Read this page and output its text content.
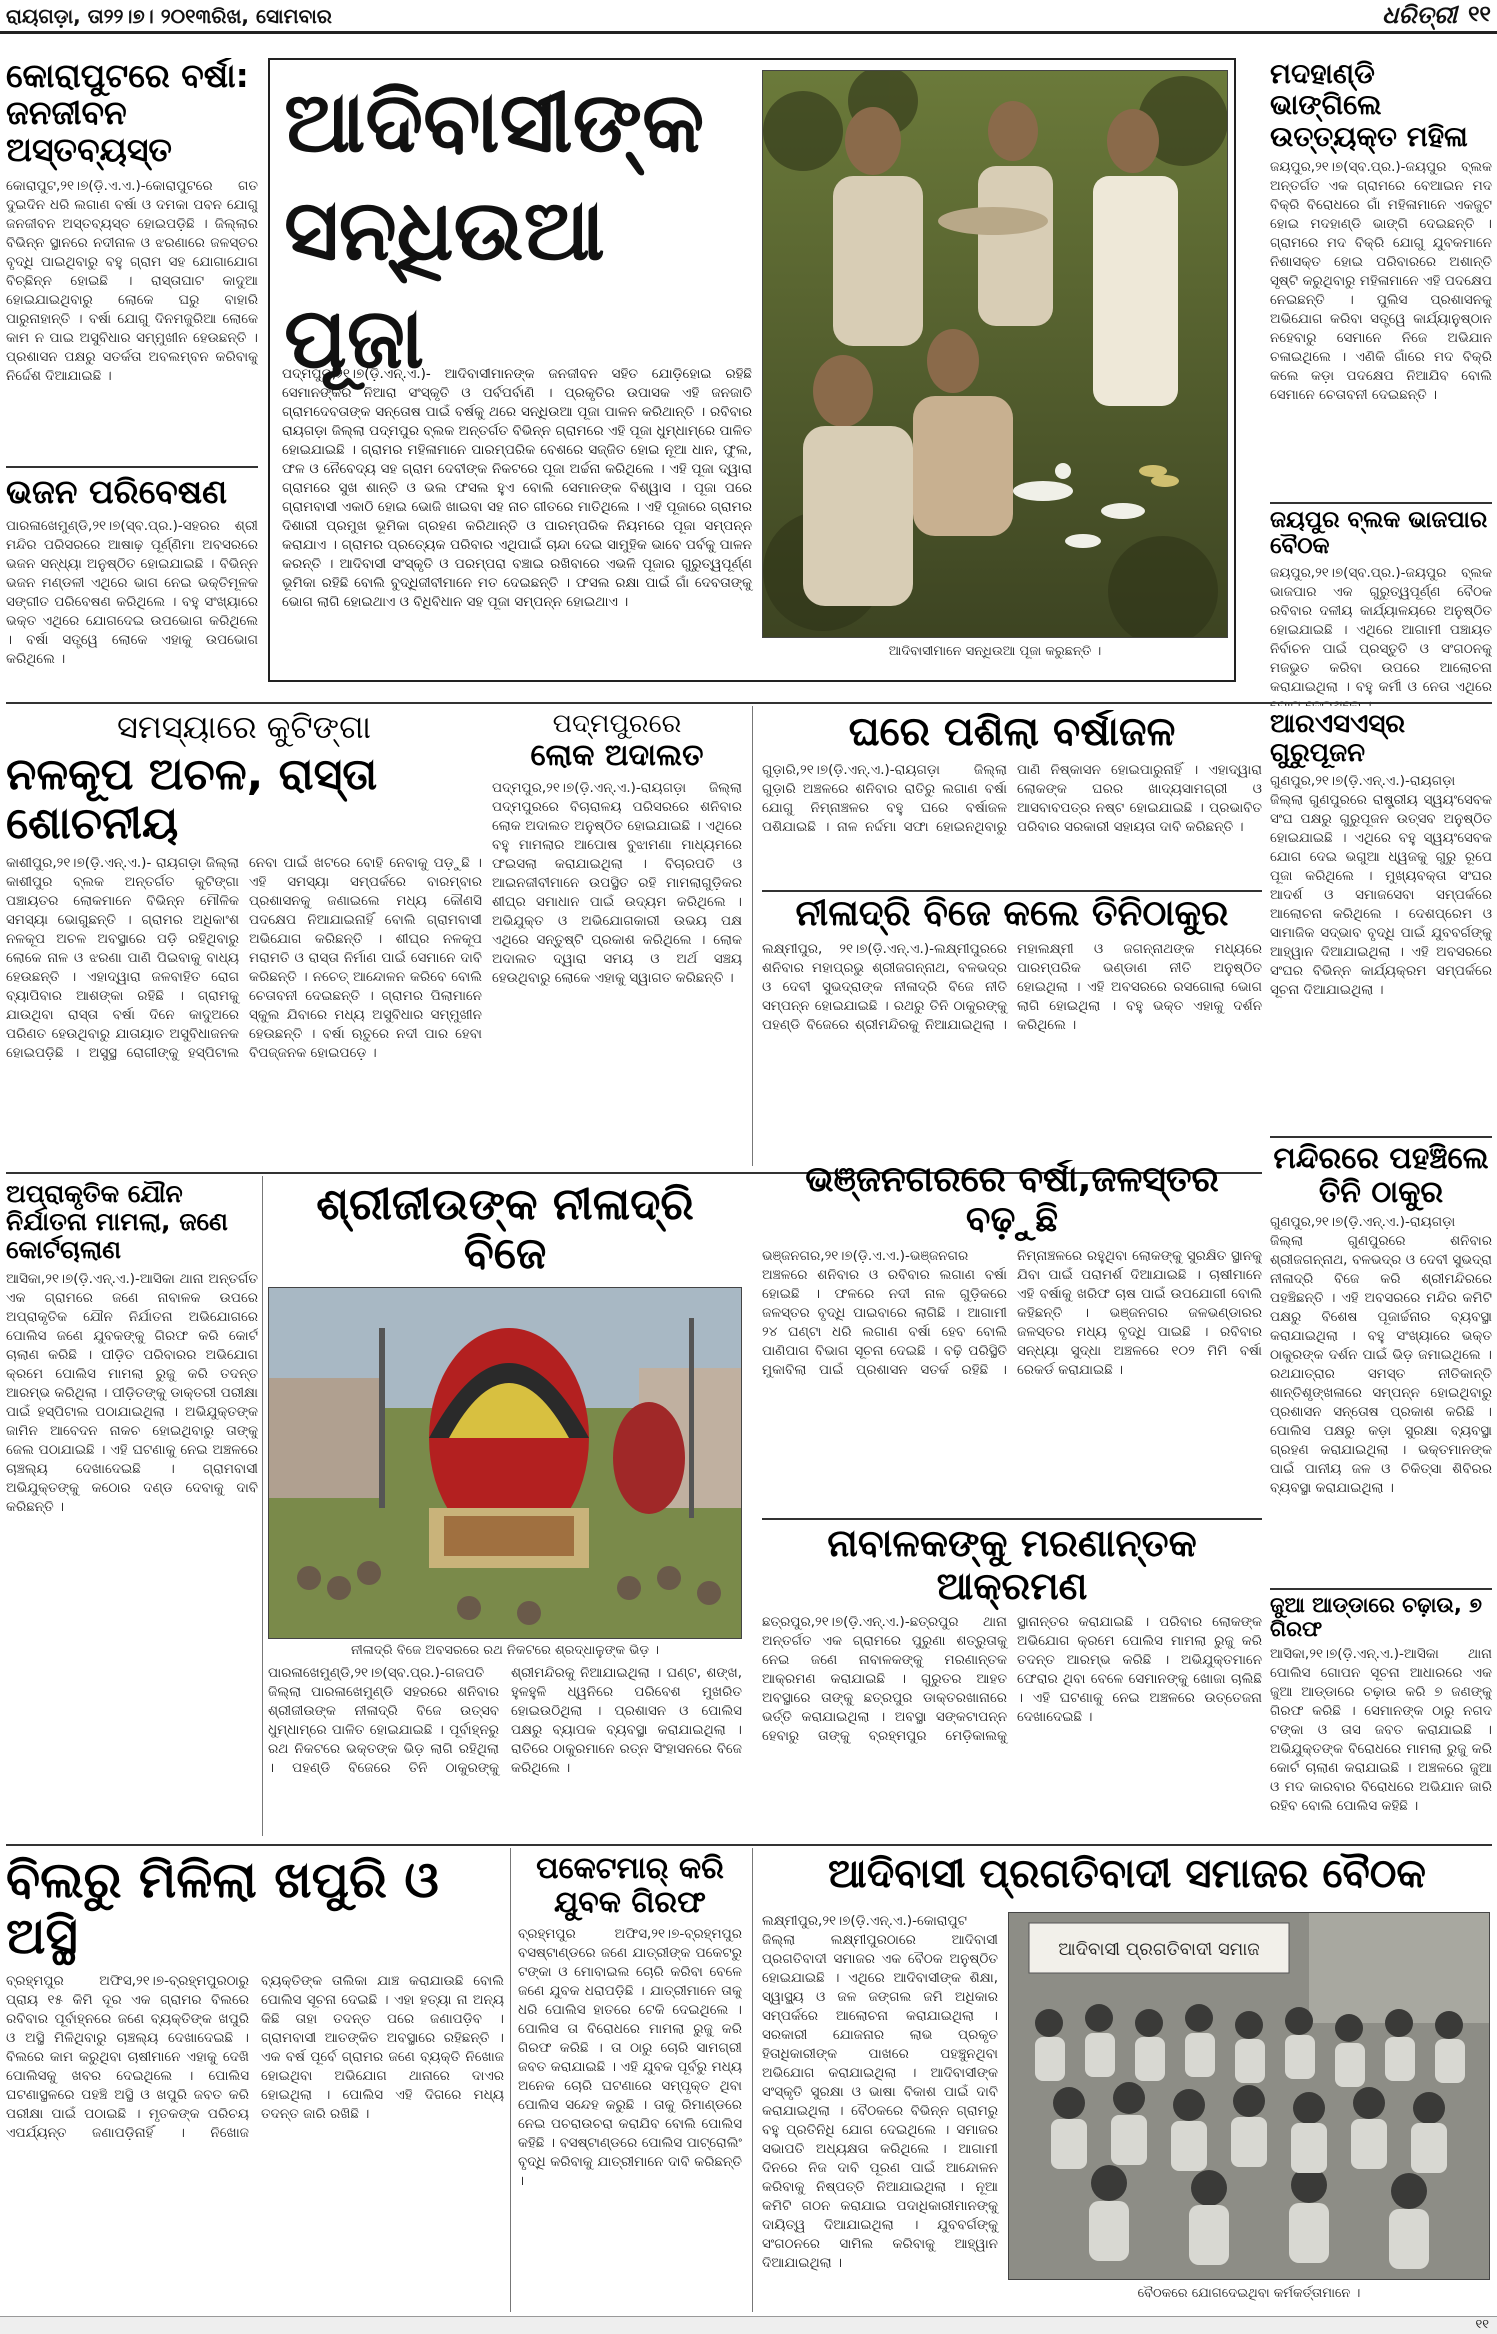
ରାୟଗଡ଼ା, ତା୨୨।୭। ୨୦୧୩ରିଖ, ସୋମବାର	ଧରିତ୍ରୀ ୧୧
କୋରାପୁଟରେ ବର୍ଷା: ଜନଜୀବନ ଅସ୍ତବ୍ୟସ୍ତ

କୋରାପୁଟ,୨୧।୭(ଡ଼ି.ଏ.ଏ.)-କୋରାପୁଟରେ ଗତ ଦୁଇଦିନ ଧରି ଲଗାଣ ବର୍ଷା ଓ ଦମକା ପବନ ଯୋଗୁ ଜନଜୀବନ ଅସ୍ତବ୍ୟସ୍ତ ହୋଇପଡ଼ିଛି । ଜିଲ୍ଲାର ବିଭିନ୍ନ ସ୍ଥାନରେ ନଦୀନାଳ ଓ ଝରଣାରେ ଜଳସ୍ତର ବୃଦ୍ଧି ପାଇଥିବାରୁ ବହୁ ଗ୍ରାମ ସହ ଯୋଗାଯୋଗ ବିଚ୍ଛିନ୍ନ ହୋଇଛି । ରାସ୍ତାଘାଟ କାଦୁଆ ହୋଇଯାଇଥିବାରୁ ଲୋକେ ଘରୁ ବାହାରି ପାରୁନାହାନ୍ତି । ବର୍ଷା ଯୋଗୁ ଦିନମଜୁରିଆ ଲୋକେ କାମ ନ ପାଇ ଅସୁବିଧାର ସମ୍ମୁଖୀନ ହେଉଛନ୍ତି । ପ୍ରଶାସନ ପକ୍ଷରୁ ସତର୍କତା ଅବଲମ୍ବନ କରିବାକୁ ନିର୍ଦ୍ଦେଶ ଦିଆଯାଇଛି ।

ଭଜନ ପରିବେଷଣ

ପାରଳାଖେମୁଣ୍ଡି,୨୧।୭(ସ୍ବ.ପ୍ର.)-ସହରର ଶ୍ରୀ ମନ୍ଦିର ପରିସରରେ ଆଷାଢ଼ ପୂର୍ଣ୍ଣିମା ଅବସରରେ ଭଜନ ସନ୍ଧ୍ୟା ଅନୁଷ୍ଠିତ ହୋଇଯାଇଛି । ବିଭିନ୍ନ ଭଜନ ମଣ୍ଡଳୀ ଏଥିରେ ଭାଗ ନେଇ ଭକ୍ତିମୂଳକ ସଙ୍ଗୀତ ପରିବେଷଣ କରିଥିଲେ । ବହୁ ସଂଖ୍ୟାରେ ଭକ୍ତ ଏଥିରେ ଯୋଗଦେଇ ଉପଭୋଗ କରିଥିଲେ । ବର୍ଷା ସତ୍ତ୍ୱେ ଲୋକେ ଏହାକୁ ଉପଭୋଗ କରିଥିଲେ ।

ଆଦିବାସୀଙ୍କ ସନ୍ଧିଉଆ ପୂଜା

ପଦ୍ମପୁର,୨୧।୭(ଡ଼ି.ଏନ୍.ଏ.)- ଆଦିବାସୀମାନଙ୍କ ଜନଜୀବନ ସହିତ ଯୋଡ଼ିହୋଇ ରହିଛି ସେମାନଙ୍କର ନିଆରା ସଂସ୍କୃତି ଓ ପର୍ବପର୍ବାଣି । ପ୍ରକୃତିର ଉପାସକ ଏହି ଜନଜାତି ଗ୍ରାମଦେବତାଙ୍କ ସନ୍ତୋଷ ପାଇଁ ବର୍ଷକୁ ଥରେ ସନ୍ଧିଉଆ ପୂଜା ପାଳନ କରିଥାନ୍ତି । ରବିବାର ରାୟଗଡ଼ା ଜିଲ୍ଲା ପଦ୍ମପୁର ବ୍ଲକ ଅନ୍ତର୍ଗତ ବିଭିନ୍ନ ଗ୍ରାମରେ ଏହି ପୂଜା ଧୁମ୍‌ଧାମ୍‌ରେ ପାଳିତ ହୋଇଯାଇଛି । ଗ୍ରାମର ମହିଳାମାନେ ପାରମ୍ପରିକ ବେଶରେ ସଜ୍ଜିତ ହୋଇ ନୂଆ ଧାନ, ଫୁଲ, ଫଳ ଓ ନୈବେଦ୍ୟ ସହ ଗ୍ରାମ ଦେବୀଙ୍କ ନିକଟରେ ପୂଜା ଅର୍ଚ୍ଚନା କରିଥିଲେ । ଏହି ପୂଜା ଦ୍ୱାରା ଗ୍ରାମରେ ସୁଖ ଶାନ୍ତି ଓ ଭଲ ଫସଲ ହୁଏ ବୋଲି ସେମାନଙ୍କ ବିଶ୍ୱାସ । ପୂଜା ପରେ ଗ୍ରାମବାସୀ ଏକାଠି ହୋଇ ଭୋଜି ଖାଇବା ସହ ନାଚ ଗୀତରେ ମାତିଥିଲେ । ଏହି ପୂଜାରେ ଗ୍ରାମର ଦିଶାରୀ ପ୍ରମୁଖ ଭୂମିକା ଗ୍ରହଣ କରିଥାନ୍ତି ଓ ପାରମ୍ପରିକ ନିୟମରେ ପୂଜା ସମ୍ପନ୍ନ କରାଯାଏ । ଗ୍ରାମର ପ୍ରତ୍ୟେକ ପରିବାର ଏଥିପାଇଁ ଚାନ୍ଦା ଦେଇ ସାମୁହିକ ଭାବେ ପର୍ବକୁ ପାଳନ କରନ୍ତି । ଆଦିବାସୀ ସଂସ୍କୃତି ଓ ପରମ୍ପରା ବଞ୍ଚାଇ ରଖିବାରେ ଏଭଳି ପୂଜାର ଗୁରୁତ୍ୱପୂର୍ଣ୍ଣ ଭୂମିକା ରହିଛି ବୋଲି ବୁଦ୍ଧିଜୀବୀମାନେ ମତ ଦେଇଛନ୍ତି । ଫସଲ ରକ୍ଷା ପାଇଁ ଗାଁ ଦେବତାଙ୍କୁ ଭୋଗ ଲାଗି ହୋଇଥାଏ ଓ ବିଧିବିଧାନ ସହ ପୂଜା ସମ୍ପନ୍ନ ହୋଇଥାଏ ।

ଆଦିବାସୀମାନେ ସନ୍ଧିଉଆ ପୂଜା କରୁଛନ୍ତି ।
ମଦହାଣ୍ଡି ଭାଙ୍ଗିଲେ ଉତ୍ତ୍ୟକ୍ତ ମହିଳା

ଜୟପୁର,୨୧।୭(ସ୍ବ.ପ୍ର.)-ଜୟପୁର ବ୍ଲକ ଅନ୍ତର୍ଗତ ଏକ ଗ୍ରାମରେ ବେଆଇନ ମଦ ବିକ୍ରି ବିରୋଧରେ ଗାଁ ମହିଳାମାନେ ଏକଜୁଟ ହୋଇ ମଦହାଣ୍ଡି ଭାଙ୍ଗି ଦେଇଛନ୍ତି । ଗ୍ରାମରେ ମଦ ବିକ୍ରି ଯୋଗୁ ଯୁବକମାନେ ନିଶାସକ୍ତ ହୋଇ ପରିବାରରେ ଅଶାନ୍ତି ସୃଷ୍ଟି କରୁଥିବାରୁ ମହିଳାମାନେ ଏହି ପଦକ୍ଷେପ ନେଇଛନ୍ତି । ପୁଲିସ ପ୍ରଶାସନକୁ ଅଭିଯୋଗ କରିବା ସତ୍ତ୍ୱେ କାର୍ଯ୍ୟାନୁଷ୍ଠାନ ନହେବାରୁ ସେମାନେ ନିଜେ ଅଭିଯାନ ଚଳାଇଥିଲେ । ଏଣିକି ଗାଁରେ ମଦ ବିକ୍ରି କଲେ କଡ଼ା ପଦକ୍ଷେପ ନିଆଯିବ ବୋଲି ସେମାନେ ଚେତାବନୀ ଦେଇଛନ୍ତି ।

ଜୟପୁର ବ୍ଲକ ଭାଜପାର ବୈଠକ

ଜୟପୁର,୨୧।୭(ସ୍ବ.ପ୍ର.)-ଜୟପୁର ବ୍ଲକ ଭାଜପାର ଏକ ଗୁରୁତ୍ୱପୂର୍ଣ୍ଣ ବୈଠକ ରବିବାର ଦଳୀୟ କାର୍ଯ୍ୟାଳୟରେ ଅନୁଷ୍ଠିତ ହୋଇଯାଇଛି । ଏଥିରେ ଆଗାମୀ ପଞ୍ଚାୟତ ନିର୍ବାଚନ ପାଇଁ ପ୍ରସ୍ତୁତି ଓ ସଂଗଠନକୁ ମଜଭୁତ କରିବା ଉପରେ ଆଲୋଚନା କରାଯାଇଥିଲା । ବହୁ କର୍ମୀ ଓ ନେତା ଏଥିରେ

ସମସ୍ୟାରେ କୁଟିଙ୍ଗା
ନଳକୂପ ଅଚଳ, ରାସ୍ତା ଶୋଚନୀୟ

କାଶୀପୁର,୨୧।୭(ଡ଼ି.ଏନ୍.ଏ.)- ରାୟଗଡ଼ା ଜିଲ୍ଲା କାଶୀପୁର ବ୍ଲକ ଅନ୍ତର୍ଗତ କୁଟିଙ୍ଗା ପଞ୍ଚାୟତର ଲୋକମାନେ ବିଭିନ୍ନ ମୌଳିକ ସମସ୍ୟା ଭୋଗୁଛନ୍ତି । ଗ୍ରାମର ଅଧିକାଂଶ ନଳକୂପ ଅଚଳ ଅବସ୍ଥାରେ ପଡ଼ି ରହିଥିବାରୁ ଲୋକେ ନାଳ ଓ ଝରଣା ପାଣି ପିଇବାକୁ ବାଧ୍ୟ ହେଉଛନ୍ତି । ଏହାଦ୍ୱାରା ଜଳବାହିତ ରୋଗ ବ୍ୟାପିବାର ଆଶଙ୍କା ରହିଛି । ଗ୍ରାମକୁ ଯାଉଥିବା ରାସ୍ତା ବର୍ଷା ଦିନେ କାଦୁଅରେ ପରିଣତ ହେଉଥିବାରୁ ଯାତାୟାତ ଅସୁବିଧାଜନକ ହୋଇପଡ଼ିଛି । ଅସୁସ୍ଥ ରୋଗୀଙ୍କୁ ହସ୍ପିଟାଲ ନେବା ପାଇଁ ଖଟରେ ବୋହି ନେବାକୁ ପଡ଼ୁଛି । ଏହି ସମସ୍ୟା ସମ୍ପର୍କରେ ବାରମ୍ବାର ପ୍ରଶାସନକୁ ଜଣାଇଲେ ମଧ୍ୟ କୌଣସି ପଦକ୍ଷେପ ନିଆଯାଇନାହିଁ ବୋଲି ଗ୍ରାମବାସୀ ଅଭିଯୋଗ କରିଛନ୍ତି । ଶୀଘ୍ର ନଳକୂପ ମରାମତି ଓ ରାସ୍ତା ନିର୍ମାଣ ପାଇଁ ସେମାନେ ଦାବି କରିଛନ୍ତି । ନଚେତ୍ ଆନ୍ଦୋଳନ କରିବେ ବୋଲି ଚେତାବନୀ ଦେଇଛନ୍ତି । ଗ୍ରାମର ପିଲାମାନେ ସ୍କୁଲ ଯିବାରେ ମଧ୍ୟ ଅସୁବିଧାର ସମ୍ମୁଖୀନ ହେଉଛନ୍ତି । ବର୍ଷା ଋତୁରେ ନଦୀ ପାର ହେବା ବିପଜ୍ଜନକ ହୋଇପଡ଼େ ।

ପଦ୍ମପୁରରେ
ଲୋକ ଅଦାଲତ

ପଦ୍ମପୁର,୨୧।୭(ଡ଼ି.ଏନ୍.ଏ.)-ରାୟଗଡ଼ା ଜିଲ୍ଲା ପଦ୍ମପୁରରେ ବିଚାରାଳୟ ପରିସରରେ ଶନିବାର ଲୋକ ଅଦାଲତ ଅନୁଷ୍ଠିତ ହୋଇଯାଇଛି । ଏଥିରେ ବହୁ ମାମଲାର ଆପୋଷ ବୁଝାମଣା ମାଧ୍ୟମରେ ଫଇସଲା କରାଯାଇଥିଲା । ବିଚାରପତି ଓ ଆଇନଜୀବୀମାନେ ଉପସ୍ଥିତ ରହି ମାମଲାଗୁଡ଼ିକର ଶୀଘ୍ର ସମାଧାନ ପାଇଁ ଉଦ୍ୟମ କରିଥିଲେ । ଅଭିଯୁକ୍ତ ଓ ଅଭିଯୋଗକାରୀ ଉଭୟ ପକ୍ଷ ଏଥିରେ ସନ୍ତୁଷ୍ଟି ପ୍ରକାଶ କରିଥିଲେ । ଲୋକ ଅଦାଲତ ଦ୍ୱାରା ସମୟ ଓ ଅର୍ଥ ସଞ୍ଚୟ ହେଉଥିବାରୁ ଲୋକେ ଏହାକୁ ସ୍ୱାଗତ କରିଛନ୍ତି ।

ଘରେ ପଶିଲା ବର୍ଷାଜଳ

ଗୁଡ଼ାରି,୨୧।୭(ଡ଼ି.ଏନ୍.ଏ.)-ରାୟଗଡ଼ା ଜିଲ୍ଲା ଗୁଡ଼ାରି ଅଞ୍ଚଳରେ ଶନିବାର ରାତିରୁ ଲଗାଣ ବର୍ଷା ଯୋଗୁ ନିମ୍ନାଞ୍ଚଳର ବହୁ ଘରେ ବର୍ଷାଜଳ ପଶିଯାଇଛି । ନାଳ ନର୍ଦ୍ଦମା ସଫା ହୋଇନଥିବାରୁ ପାଣି ନିଷ୍କାସନ ହୋଇପାରୁନାହିଁ । ଏହାଦ୍ୱାରା ଲୋକଙ୍କ ଘରର ଖାଦ୍ୟସାମଗ୍ରୀ ଓ ଆସବାବପତ୍ର ନଷ୍ଟ ହୋଇଯାଇଛି । ପ୍ରଭାବିତ ପରିବାର ସରକାରୀ ସହାୟତା ଦାବି କରିଛନ୍ତି ।

ନୀଳାଦ୍ରି ବିଜେ କଲେ ତିନିଠାକୁର

ଲକ୍ଷ୍ମୀପୁର, ୨୧।୭(ଡ଼ି.ଏନ୍.ଏ.)-ଲକ୍ଷ୍ମୀପୁରରେ ଶନିବାର ମହାପ୍ରଭୁ ଶ୍ରୀଜଗନ୍ନାଥ, ବଳଭଦ୍ର ଓ ଦେବୀ ସୁଭଦ୍ରାଙ୍କ ନୀଳାଦ୍ରି ବିଜେ ନୀତି ସମ୍ପନ୍ନ ହୋଇଯାଇଛି । ରଥରୁ ତିନି ଠାକୁରଙ୍କୁ ପହଣ୍ଡି ବିଜେରେ ଶ୍ରୀମନ୍ଦିରକୁ ନିଆଯାଇଥିଲା । ମହାଲକ୍ଷ୍ମୀ ଓ ଜଗନ୍ନାଥଙ୍କ ମଧ୍ୟରେ ପାରମ୍ପରିକ ଭଣ୍ଡାଣ ନୀତି ଅନୁଷ୍ଠିତ ହୋଇଥିଲା । ଏହି ଅବସରରେ ରସଗୋଲା ଭୋଗ ଲାଗି ହୋଇଥିଲା । ବହୁ ଭକ୍ତ ଏହାକୁ ଦର୍ଶନ କରିଥିଲେ ।

ଆରଏସଏସ୍‌ର ଗୁରୁପୂଜନ

ଗୁଣପୁର,୨୧।୭(ଡ଼ି.ଏନ୍.ଏ.)-ରାୟଗଡ଼ା ଜିଲ୍ଲା ଗୁଣପୁରରେ ରାଷ୍ଟ୍ରୀୟ ସ୍ୱୟଂସେବକ ସଂଘ ପକ୍ଷରୁ ଗୁରୁପୂଜନ ଉତ୍ସବ ଅନୁଷ୍ଠିତ ହୋଇଯାଇଛି । ଏଥିରେ ବହୁ ସ୍ୱୟଂସେବକ ଯୋଗ ଦେଇ ଭଗୁଆ ଧ୍ୱଜକୁ ଗୁରୁ ରୂପେ ପୂଜା କରିଥିଲେ । ମୁଖ୍ୟବକ୍ତା ସଂଘର ଆଦର୍ଶ ଓ ସମାଜସେବା ସମ୍ପର୍କରେ ଆଲୋଚନା କରିଥିଲେ । ଦେଶପ୍ରେମ ଓ ସାମାଜିକ ସଦ୍‌ଭାବ ବୃଦ୍ଧି ପାଇଁ ଯୁବବର୍ଗଙ୍କୁ ଆହ୍ୱାନ ଦିଆଯାଇଥିଲା । ଏହି ଅବସରରେ ସଂଘର ବିଭିନ୍ନ କାର୍ଯ୍ୟକ୍ରମ ସମ୍ପର୍କରେ ସୂଚନା ଦିଆଯାଇଥିଲା ।

ମନ୍ଦିରରେ ପହଞ୍ଚିଲେ ତିନି ଠାକୁର

ଗୁଣପୁର,୨୧।୭(ଡ଼ି.ଏନ୍.ଏ.)-ରାୟଗଡ଼ା ଜିଲ୍ଲା ଗୁଣପୁରରେ ଶନିବାର ଶ୍ରୀଜଗନ୍ନାଥ, ବଳଭଦ୍ର ଓ ଦେବୀ ସୁଭଦ୍ରା ନୀଳାଦ୍ରି ବିଜେ କରି ଶ୍ରୀମନ୍ଦିରରେ ପହଞ୍ଚିଛନ୍ତି । ଏହି ଅବସରରେ ମନ୍ଦିର କମିଟି ପକ୍ଷରୁ ବିଶେଷ ପୂଜାର୍ଚ୍ଚନାର ବ୍ୟବସ୍ଥା କରାଯାଇଥିଲା । ବହୁ ସଂଖ୍ୟାରେ ଭକ୍ତ ଠାକୁରଙ୍କ ଦର୍ଶନ ପାଇଁ ଭିଡ଼ ଜମାଇଥିଲେ । ରଥଯାତ୍ରାର ସମସ୍ତ ନୀତିକାନ୍ତି ଶାନ୍ତିଶୃଙ୍ଖଳାରେ ସମ୍ପନ୍ନ ହୋଇଥିବାରୁ ପ୍ରଶାସନ ସନ୍ତୋଷ ପ୍ରକାଶ କରିଛି । ପୋଲିସ ପକ୍ଷରୁ କଡ଼ା ସୁରକ୍ଷା ବ୍ୟବସ୍ଥା ଗ୍ରହଣ କରାଯାଇଥିଲା । ଭକ୍ତମାନଙ୍କ ପାଇଁ ପାନୀୟ ଜଳ ଓ ଚିକିତ୍ସା ଶିବିରର ବ୍ୟବସ୍ଥା କରାଯାଇଥିଲା ।

ଜୁଆ ଆଡ୍ଡାରେ ଚଢ଼ାଉ, ୭ ଗିରଫ

ଆସିକା,୨୧।୭(ଡ଼ି.ଏନ୍.ଏ.)-ଆସିକା ଥାନା ପୋଲିସ ଗୋପନ ସୂଚନା ଆଧାରରେ ଏକ ଜୁଆ ଆଡ୍ଡାରେ ଚଢ଼ାଉ କରି ୭ ଜଣଙ୍କୁ ଗିରଫ କରିଛି । ସେମାନଙ୍କ ଠାରୁ ନଗଦ ଟଙ୍କା ଓ ତାସ ଜବତ କରାଯାଇଛି । ଅଭିଯୁକ୍ତଙ୍କ ବିରୋଧରେ ମାମଲା ରୁଜୁ କରି କୋର୍ଟ ଚାଲାଣ କରାଯାଇଛି । ଅଞ୍ଚଳରେ ଜୁଆ ଓ ମଦ କାରବାର ବିରୋଧରେ ଅଭିଯାନ ଜାରି ରହିବ ବୋଲି ପୋଲିସ କହିଛି ।

ଅପ୍ରାକୃତିକ ଯୌନ ନିର୍ଯାତନା ମାମଲା, ଜଣେ କୋର୍ଟଚାଲାଣ

ଆସିକା,୨୧।୭(ଡ଼ି.ଏନ୍.ଏ.)-ଆସିକା ଥାନା ଅନ୍ତର୍ଗତ ଏକ ଗ୍ରାମରେ ଜଣେ ନାବାଳକ ଉପରେ ଅପ୍ରାକୃତିକ ଯୌନ ନିର୍ଯାତନା ଅଭିଯୋଗରେ ପୋଲିସ ଜଣେ ଯୁବକଙ୍କୁ ଗିରଫ କରି କୋର୍ଟ ଚାଲାଣ କରିଛି । ପୀଡ଼ିତ ପରିବାରର ଅଭିଯୋଗ କ୍ରମେ ପୋଲିସ ମାମଲା ରୁଜୁ କରି ତଦନ୍ତ ଆରମ୍ଭ କରିଥିଲା । ପୀଡ଼ିତଙ୍କୁ ଡାକ୍ତରୀ ପରୀକ୍ଷା ପାଇଁ ହସ୍ପିଟାଲ ପଠାଯାଇଥିଲା । ଅଭିଯୁକ୍ତଙ୍କ ଜାମିନ ଆବେଦନ ନାକଚ ହୋଇଥିବାରୁ ତାଙ୍କୁ ଜେଲ ପଠାଯାଇଛି । ଏହି ଘଟଣାକୁ ନେଇ ଅଞ୍ଚଳରେ ଚାଞ୍ଚଲ୍ୟ ଦେଖାଦେଇଛି । ଗ୍ରାମବାସୀ ଅଭିଯୁକ୍ତଙ୍କୁ କଠୋର ଦଣ୍ଡ ଦେବାକୁ ଦାବି କରିଛନ୍ତି ।

ଶ୍ରୀଜୀଉଙ୍କ ନୀଳାଦ୍ରି ବିଜେ
ନୀଳାଦ୍ରି ବିଜେ ଅବସରରେ ରଥ ନିକଟରେ ଶ୍ରଦ୍ଧାଳୁଙ୍କ ଭିଡ଼ ।

ପାରଳାଖେମୁଣ୍ଡି,୨୧।୭(ସ୍ବ.ପ୍ର.)-ଗଜପତି ଜିଲ୍ଲା ପାରଳାଖେମୁଣ୍ଡି ସହରରେ ଶନିବାର ଶ୍ରୀଜୀଉଙ୍କ ନୀଳାଦ୍ରି ବିଜେ ଉତ୍ସବ ଧୁମ୍‌ଧାମ୍‌ରେ ପାଳିତ ହୋଇଯାଇଛି । ପୂର୍ବାହ୍ନରୁ ରଥ ନିକଟରେ ଭକ୍ତଙ୍କ ଭିଡ଼ ଲାଗି ରହିଥିଲା । ପହଣ୍ଡି ବିଜେରେ ତିନି ଠାକୁରଙ୍କୁ ଶ୍ରୀମନ୍ଦିରକୁ ନିଆଯାଇଥିଲା । ଘଣ୍ଟ, ଶଙ୍ଖ, ହୁଳହୁଳି ଧ୍ୱନିରେ ପରିବେଶ ମୁଖରିତ ହୋଇଉଠିଥିଲା । ପ୍ରଶାସନ ଓ ପୋଲିସ ପକ୍ଷରୁ ବ୍ୟାପକ ବ୍ୟବସ୍ଥା କରାଯାଇଥିଲା । ରାତିରେ ଠାକୁରମାନେ ରତ୍ନ ସିଂହାସନରେ ବିଜେ କରିଥିଲେ ।

ଭଞ୍ଜନଗରରେ ବର୍ଷା,ଜଳସ୍ତର ବଢ଼ୁଛି

ଭଞ୍ଜନଗର,୨୧।୭(ଡ଼ି.ଏ.ଏ.)-ଭଞ୍ଜନଗର ଅଞ୍ଚଳରେ ଶନିବାର ଓ ରବିବାର ଲଗାଣ ବର୍ଷା ହୋଇଛି । ଫଳରେ ନଦୀ ନାଳ ଗୁଡ଼ିକରେ ଜଳସ୍ତର ବୃଦ୍ଧି ପାଇବାରେ ଲାଗିଛି । ଆଗାମୀ ୨୪ ଘଣ୍ଟା ଧରି ଲଗାଣ ବର୍ଷା ହେବ ବୋଲି ପାଣିପାଗ ବିଭାଗ ସୂଚନା ଦେଇଛି । ବଢ଼ି ପରିସ୍ଥିତି ମୁକାବିଲା ପାଇଁ ପ୍ରଶାସନ ସତର୍କ ରହିଛି । ନିମ୍ନାଞ୍ଚଳରେ ରହୁଥିବା ଲୋକଙ୍କୁ ସୁରକ୍ଷିତ ସ୍ଥାନକୁ ଯିବା ପାଇଁ ପରାମର୍ଶ ଦିଆଯାଇଛି । ଚାଷୀମାନେ ଏହି ବର୍ଷାକୁ ଖରିଫ ଚାଷ ପାଇଁ ଉପଯୋଗୀ ବୋଲି କହିଛନ୍ତି । ଭଞ୍ଜନଗର ଜଳଭଣ୍ଡାରର ଜଳସ୍ତର ମଧ୍ୟ ବୃଦ୍ଧି ପାଇଛି । ରବିବାର ସନ୍ଧ୍ୟା ସୁଦ୍ଧା ଅଞ୍ଚଳରେ ୧୦୨ ମିମି ବର୍ଷା ରେକର୍ଡ କରାଯାଇଛି ।

ନାବାଳକଙ୍କୁ ମରଣାନ୍ତକ ଆକ୍ରମଣ

ଛତ୍ରପୁର,୨୧।୭(ଡ଼ି.ଏନ୍.ଏ.)-ଛତ୍ରପୁର ଥାନା ଅନ୍ତର୍ଗତ ଏକ ଗ୍ରାମରେ ପୁରୁଣା ଶତ୍ରୁତାକୁ ନେଇ ଜଣେ ନାବାଳକଙ୍କୁ ମରଣାନ୍ତକ ଆକ୍ରମଣ କରାଯାଇଛି । ଗୁରୁତର ଆହତ ଅବସ୍ଥାରେ ତାଙ୍କୁ ଛତ୍ରପୁର ଡାକ୍ତରଖାନାରେ ଭର୍ତ୍ତି କରାଯାଇଥିଲା । ଅବସ୍ଥା ସଙ୍କଟାପନ୍ନ ହେବାରୁ ତାଙ୍କୁ ବ୍ରହ୍ମପୁର ମେଡ଼ିକାଲକୁ ସ୍ଥାନାନ୍ତର କରାଯାଇଛି । ପରିବାର ଲୋକଙ୍କ ଅଭିଯୋଗ କ୍ରମେ ପୋଲିସ ମାମଲା ରୁଜୁ କରି ତଦନ୍ତ ଆରମ୍ଭ କରିଛି । ଅଭିଯୁକ୍ତମାନେ ଫେରାର ଥିବା ବେଳେ ସେମାନଙ୍କୁ ଖୋଜା ଚାଲିଛି । ଏହି ଘଟଣାକୁ ନେଇ ଅଞ୍ଚଳରେ ଉତ୍ତେଜନା ଦେଖାଦେଇଛି ।

ବିଲରୁ ମିଳିଲା ଖପୁରି ଓ ଅସ୍ଥି

ବ୍ରହ୍ମପୁର ଅଫିସ,୨୧।୭-ବ୍ରହ୍ମପୁରଠାରୁ ପ୍ରାୟ ୧୫ କିମି ଦୂର ଏକ ଗ୍ରାମର ବିଲରେ ରବିବାର ପୂର୍ବାହ୍ନରେ ଜଣେ ବ୍ୟକ୍ତିଙ୍କ ଖପୁରି ଓ ଅସ୍ଥି ମିଳିଥିବାରୁ ଚାଞ୍ଚଲ୍ୟ ଦେଖାଦେଇଛି । ବିଲରେ କାମ କରୁଥିବା ଚାଷୀମାନେ ଏହାକୁ ଦେଖି ପୋଲିସକୁ ଖବର ଦେଇଥିଲେ । ପୋଲିସ ଘଟଣାସ୍ଥଳରେ ପହଞ୍ଚି ଅସ୍ଥି ଓ ଖପୁରି ଜବତ କରି ପରୀକ୍ଷା ପାଇଁ ପଠାଇଛି । ମୃତକଙ୍କ ପରିଚୟ ଏପର୍ଯ୍ୟନ୍ତ ଜଣାପଡ଼ିନାହିଁ । ନିଖୋଜ ବ୍ୟକ୍ତିଙ୍କ ତାଲିକା ଯାଞ୍ଚ କରାଯାଉଛି ବୋଲି ପୋଲିସ ସୂଚନା ଦେଇଛି । ଏହା ହତ୍ୟା ନା ଅନ୍ୟ କିଛି ତାହା ତଦନ୍ତ ପରେ ଜଣାପଡ଼ିବ । ଗ୍ରାମବାସୀ ଆତଙ୍କିତ ଅବସ୍ଥାରେ ରହିଛନ୍ତି । ଏକ ବର୍ଷ ପୂର୍ବେ ଗ୍ରାମର ଜଣେ ବ୍ୟକ୍ତି ନିଖୋଜ ହୋଇଥିବା ଅଭିଯୋଗ ଥାନାରେ ଦାଏର ହୋଇଥିଲା । ପୋଲିସ ଏହି ଦିଗରେ ମଧ୍ୟ ତଦନ୍ତ ଜାରି ରଖିଛି ।

ପକେଟମାର୍ କରି ଯୁବକ ଗିରଫ

ବ୍ରହ୍ମପୁର ଅଫିସ,୨୧।୭-ବ୍ରହ୍ମପୁର ବସଷ୍ଟାଣ୍ଡରେ ଜଣେ ଯାତ୍ରୀଙ୍କ ପକେଟରୁ ଟଙ୍କା ଓ ମୋବାଇଲ ଚୋରି କରିବା ବେଳେ ଜଣେ ଯୁବକ ଧରାପଡ଼ିଛି । ଯାତ୍ରୀମାନେ ତାକୁ ଧରି ପୋଲିସ ହାତରେ ଟେକି ଦେଇଥିଲେ । ପୋଲିସ ତା ବିରୋଧରେ ମାମଲା ରୁଜୁ କରି ଗିରଫ କରିଛି । ତା ଠାରୁ ଚୋରି ସାମଗ୍ରୀ ଜବତ କରାଯାଇଛି । ଏହି ଯୁବକ ପୂର୍ବରୁ ମଧ୍ୟ ଅନେକ ଚୋରି ଘଟଣାରେ ସମ୍ପୃକ୍ତ ଥିବା ପୋଲିସ ସନ୍ଦେହ କରୁଛି । ତାକୁ ରିମାଣ୍ଡରେ ନେଇ ପଚରାଉଚରା କରାଯିବ ବୋଲି ପୋଲିସ କହିଛି । ବସଷ୍ଟାଣ୍ଡରେ ପୋଲିସ ପାଟ୍ରୋଲିଂ ବୃଦ୍ଧି କରିବାକୁ ଯାତ୍ରୀମାନେ ଦାବି କରିଛନ୍ତି ।

ଆଦିବାସୀ ପ୍ରଗତିବାଦୀ ସମାଜର ବୈଠକ

ଲକ୍ଷ୍ମୀପୁର,୨୧।୭(ଡ଼ି.ଏନ୍.ଏ.)-କୋରାପୁଟ ଜିଲ୍ଲା ଲକ୍ଷ୍ମୀପୁରଠାରେ ଆଦିବାସୀ ପ୍ରଗତିବାଦୀ ସମାଜର ଏକ ବୈଠକ ଅନୁଷ୍ଠିତ ହୋଇଯାଇଛି । ଏଥିରେ ଆଦିବାସୀଙ୍କ ଶିକ୍ଷା, ସ୍ୱାସ୍ଥ୍ୟ ଓ ଜଳ ଜଙ୍ଗଲ ଜମି ଅଧିକାର ସମ୍ପର୍କରେ ଆଲୋଚନା କରାଯାଇଥିଲା । ସରକାରୀ ଯୋଜନାର ଲାଭ ପ୍ରକୃତ ହିତାଧିକାରୀଙ୍କ ପାଖରେ ପହଞ୍ଚୁନଥିବା ଅଭିଯୋଗ କରାଯାଇଥିଲା । ଆଦିବାସୀଙ୍କ ସଂସ୍କୃତି ସୁରକ୍ଷା ଓ ଭାଷା ବିକାଶ ପାଇଁ ଦାବି କରାଯାଇଥିଲା । ବୈଠକରେ ବିଭିନ୍ନ ଗ୍ରାମରୁ ବହୁ ପ୍ରତିନିଧି ଯୋଗ ଦେଇଥିଲେ । ସମାଜର ସଭାପତି ଅଧ୍ୟକ୍ଷତା କରିଥିଲେ । ଆଗାମୀ ଦିନରେ ନିଜ ଦାବି ପୂରଣ ପାଇଁ ଆନ୍ଦୋଳନ କରିବାକୁ ନିଷ୍ପତ୍ତି ନିଆଯାଇଥିଲା । ନୂଆ କମିଟି ଗଠନ କରାଯାଇ ପଦାଧିକାରୀମାନଙ୍କୁ ଦାୟିତ୍ୱ ଦିଆଯାଇଥିଲା । ଯୁବବର୍ଗଙ୍କୁ ସଂଗଠନରେ ସାମିଲ କରିବାକୁ ଆହ୍ୱାନ ଦିଆଯାଇଥିଲା ।

ଆଦିବାସୀ ପ୍ରଗତିବାଦୀ ସମାଜ
ବୈଠକରେ ଯୋଗଦେଇଥିବା କର୍ମକର୍ତ୍ତାମାନେ ।
୧୧
